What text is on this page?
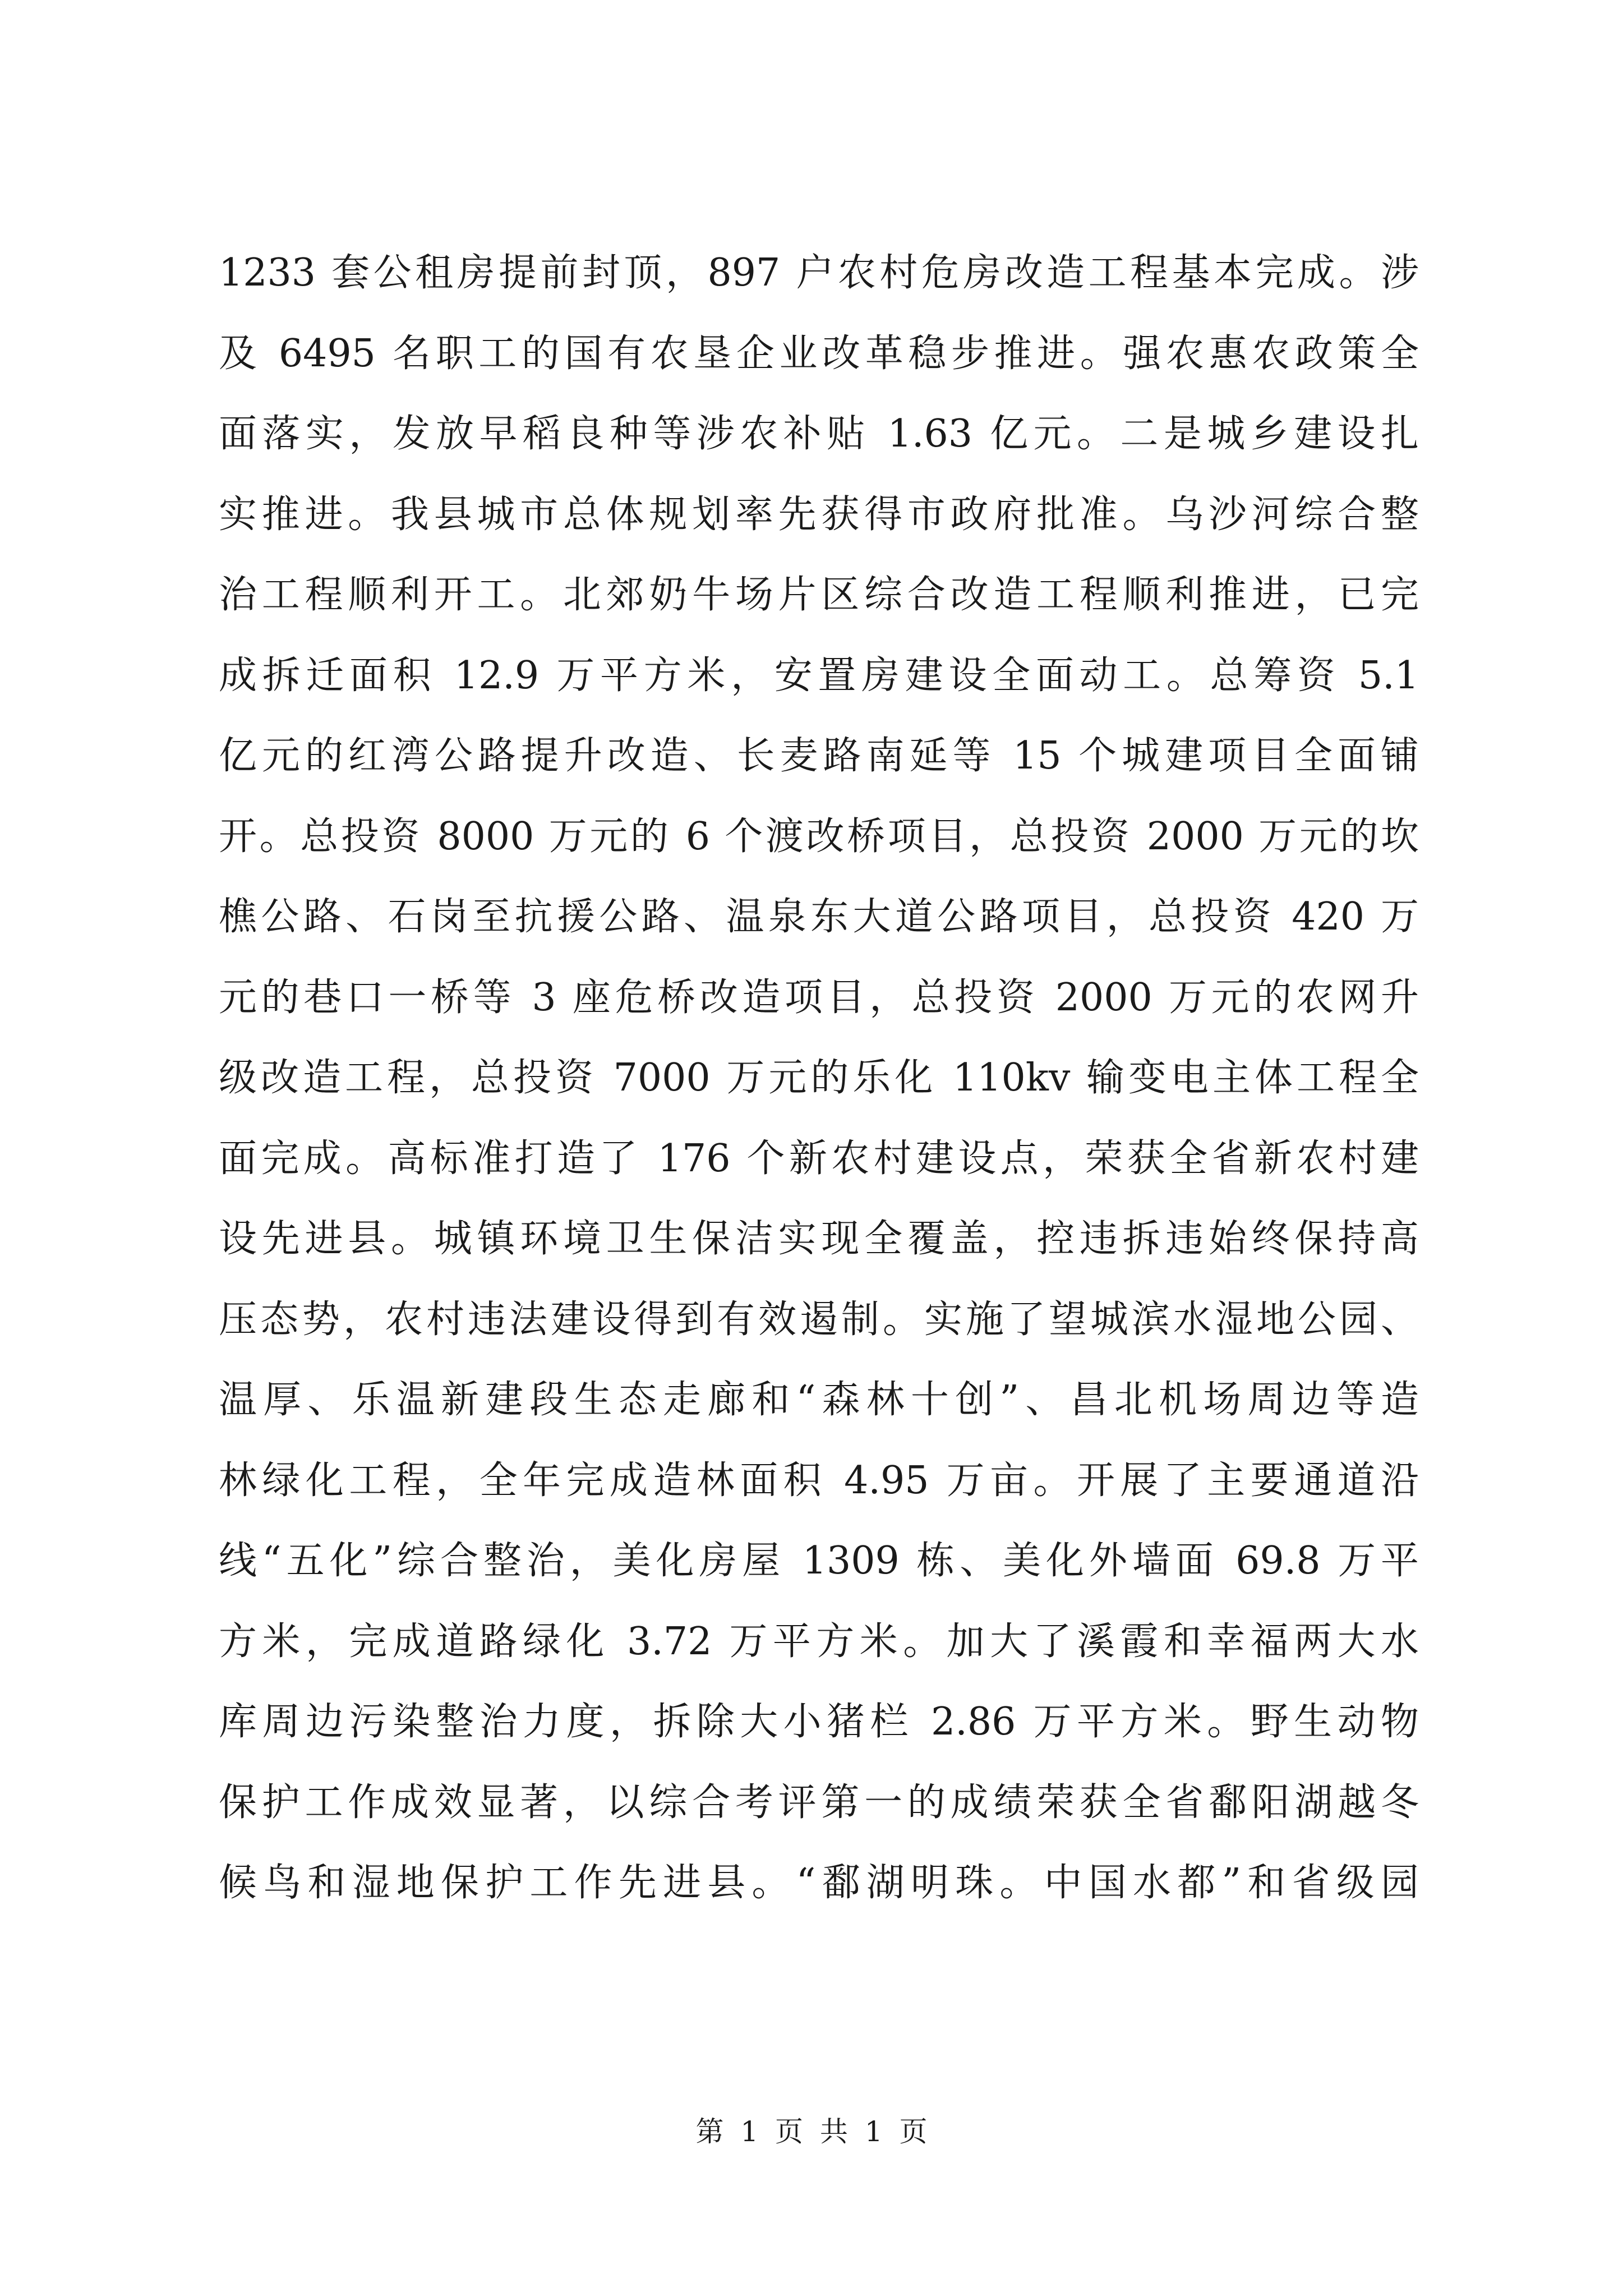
1233 套公租房提前封顶，897 户农村危房改造工程基本完成。涉
及 6495 名职工的国有农垦企业改革稳步推进。强农惠农政策全
面落实，发放早稻良种等涉农补贴 1.63 亿元。二是城乡建设扎
实推进。我县城市总体规划率先获得市政府批准。乌沙河综合整
治工程顺利开工。北郊奶牛场片区综合改造工程顺利推进，已完
成拆迁面积 12.9 万平方米，安置房建设全面动工。总筹资 5.1
亿元的红湾公路提升改造、长麦路南延等 15 个城建项目全面铺
开。总投资 8000 万元的 6 个渡改桥项目，总投资 2000 万元的坎
樵公路、石岗至抗援公路、温泉东大道公路项目，总投资 420 万
元的巷口一桥等 3 座危桥改造项目，总投资 2000 万元的农网升
级改造工程，总投资 7000 万元的乐化 110kv 输变电主体工程全
面完成。高标准打造了 176 个新农村建设点，荣获全省新农村建
设先进县。城镇环境卫生保洁实现全覆盖，控违拆违始终保持高
压态势，农村违法建设得到有效遏制。实施了望城滨水湿地公园、
温厚、乐温新建段生态走廊和“森林十创”、昌北机场周边等造
林绿化工程，全年完成造林面积 4.95 万亩。开展了主要通道沿
线“五化”综合整治，美化房屋 1309 栋、美化外墙面 69.8 万平
方米，完成道路绿化 3.72 万平方米。加大了溪霞和幸福两大水
库周边污染整治力度，拆除大小猪栏 2.86 万平方米。野生动物
保护工作成效显著，以综合考评第一的成绩荣获全省鄱阳湖越冬
候鸟和湿地保护工作先进县。“鄱湖明珠。中国水都”和省级园
第 1 页 共 1 页
